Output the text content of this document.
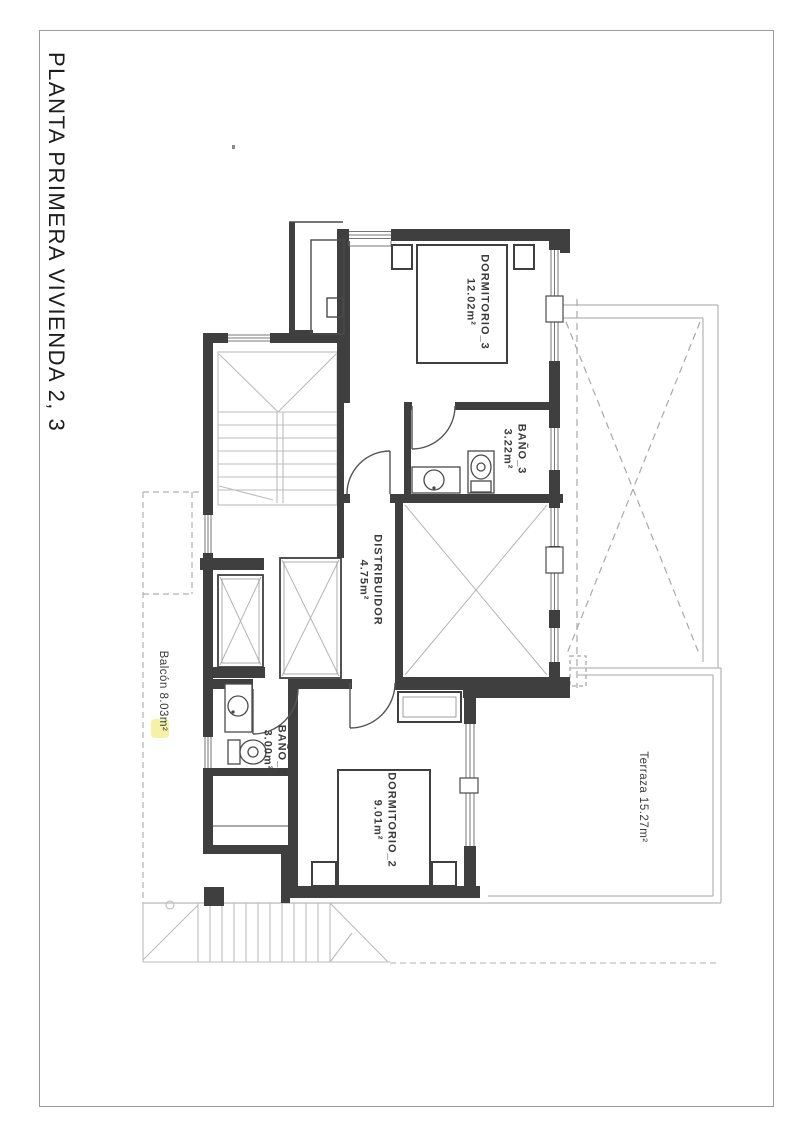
PLANTA PRIMERA VIVIENDA 2, 3	DORMITORIO_3
12.02m²
BAÑO_3
3.22m²
DISTRIBUIDOR
4.75m²
BAÑO_2
3.00m²
DORMITORIO_2
9.01m²	Terraza 15.27m²
Balcón 8.03m²
